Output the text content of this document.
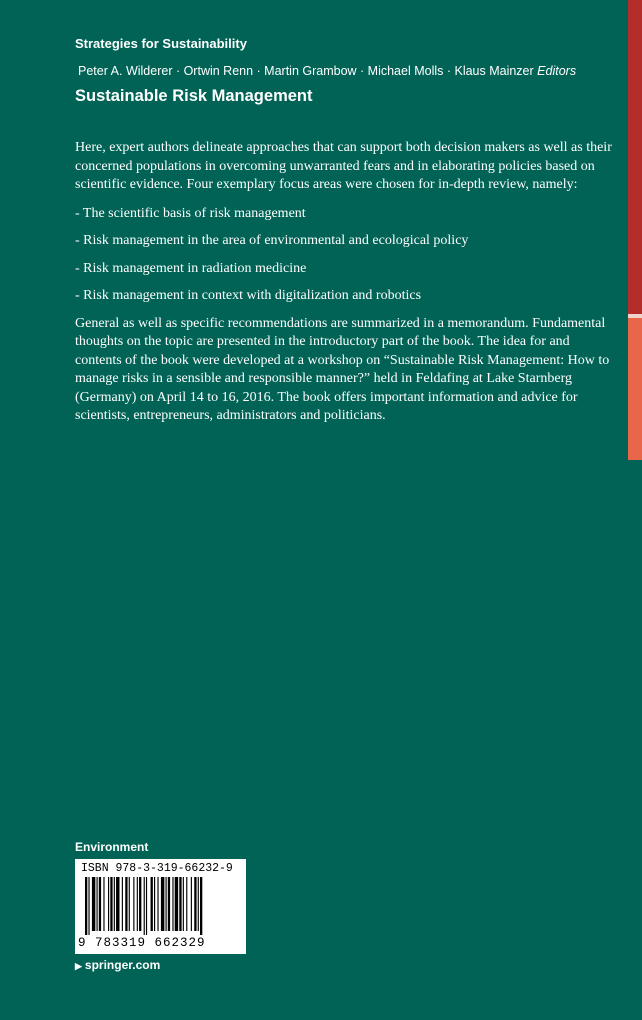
Strategies for Sustainability
Peter A. Wilderer · Ortwin Renn · Martin Grambow · Michael Molls · Klaus Mainzer Editors
Sustainable Risk Management

Here, expert authors delineate approaches that can support both decision makers as well as their concerned populations in overcoming unwarranted fears and in elaborating policies based on scientific evidence. Four exemplary focus areas were chosen for in-depth review, namely:

- The scientific basis of risk management
- Risk management in the area of environmental and ecological policy
- Risk management in radiation medicine
- Risk management in context with digitalization and robotics

General as well as specific recommendations are summarized in a memorandum. Fundamental thoughts on the topic are presented in the introductory part of the book. The idea for and contents of the book were developed at a workshop on “Sustainable Risk Management: How to manage risks in a sensible and responsible manner?” held in Feldafing at Lake Starnberg (Germany) on April 14 to 16, 2016. The book offers important information and advice for scientists, entrepreneurs, administrators and politicians.

Environment
ISBN 978-3-319-66232-9
9 783319 662329
▶ springer.com
